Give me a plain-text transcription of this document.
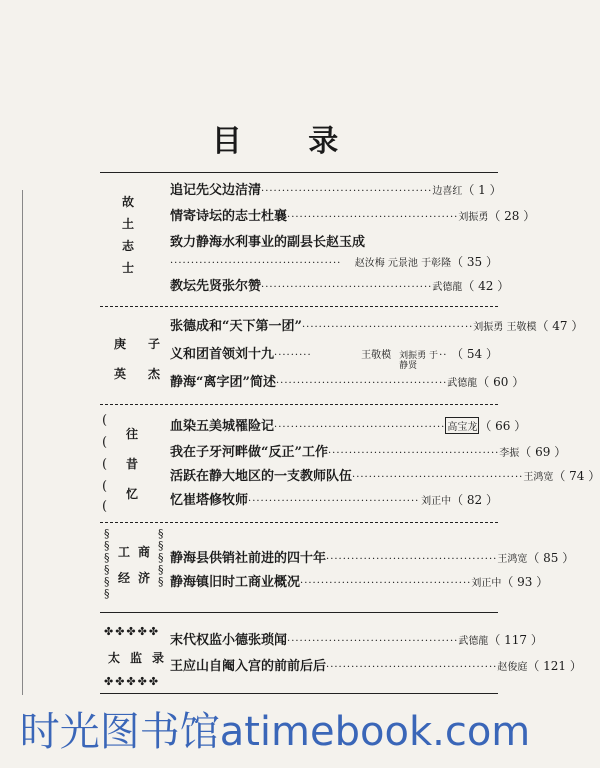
目 录
故
土
志
士
追记先父边洁清 ········································· 边喜红 （ 1 ）
情寄诗坛的志士杜襄 ········································· 刘振勇 （ 28 ）
致力静海水利事业的副县长赵玉成
·········································	赵汝梅 元景池 于彰隆 （ 35 ）
教坛先贤张尔赞 ········································· 武德龍 （ 42 ）
庚 子
英 杰
张德成和“天下第一团” ········································· 刘振勇 王敬模 （ 47 ）
义和团首领刘十九 ·········	王敬模 刘振勇 于静贤
·· （ 54 ）
静海“离字团”简述 ········································· 武德龍 （ 60 ）
(
(
(
(
(
往
昔
忆
血染五美城罹险记 ········································· 高宝龙 （ 66 ）
我在子牙河畔做“反正”工作 ········································· 李振 （ 69 ）
活跃在静大地区的一支教师队伍 ········································· 王鸿宽 （ 74 ）
忆崔塔修牧师 ········································· 刘正中 （ 82 ）
§
§
§
§
§
§
§
§
§
§
§
工 商
经 济
静海县供销社前进的四十年 ········································· 王鸿宽 （ 85 ）
静海镇旧时工商业概况 ········································· 刘正中 （ 93 ）
✤✤✤✤✤
✤✤✤✤✤
太 监 录
末代权监小德张琐闻 ········································· 武德龍 （ 117 ）
王应山自阉入宫的前前后后 ········································· 赵俊庭 （ 121 ）
时光图书馆atimebook.com
